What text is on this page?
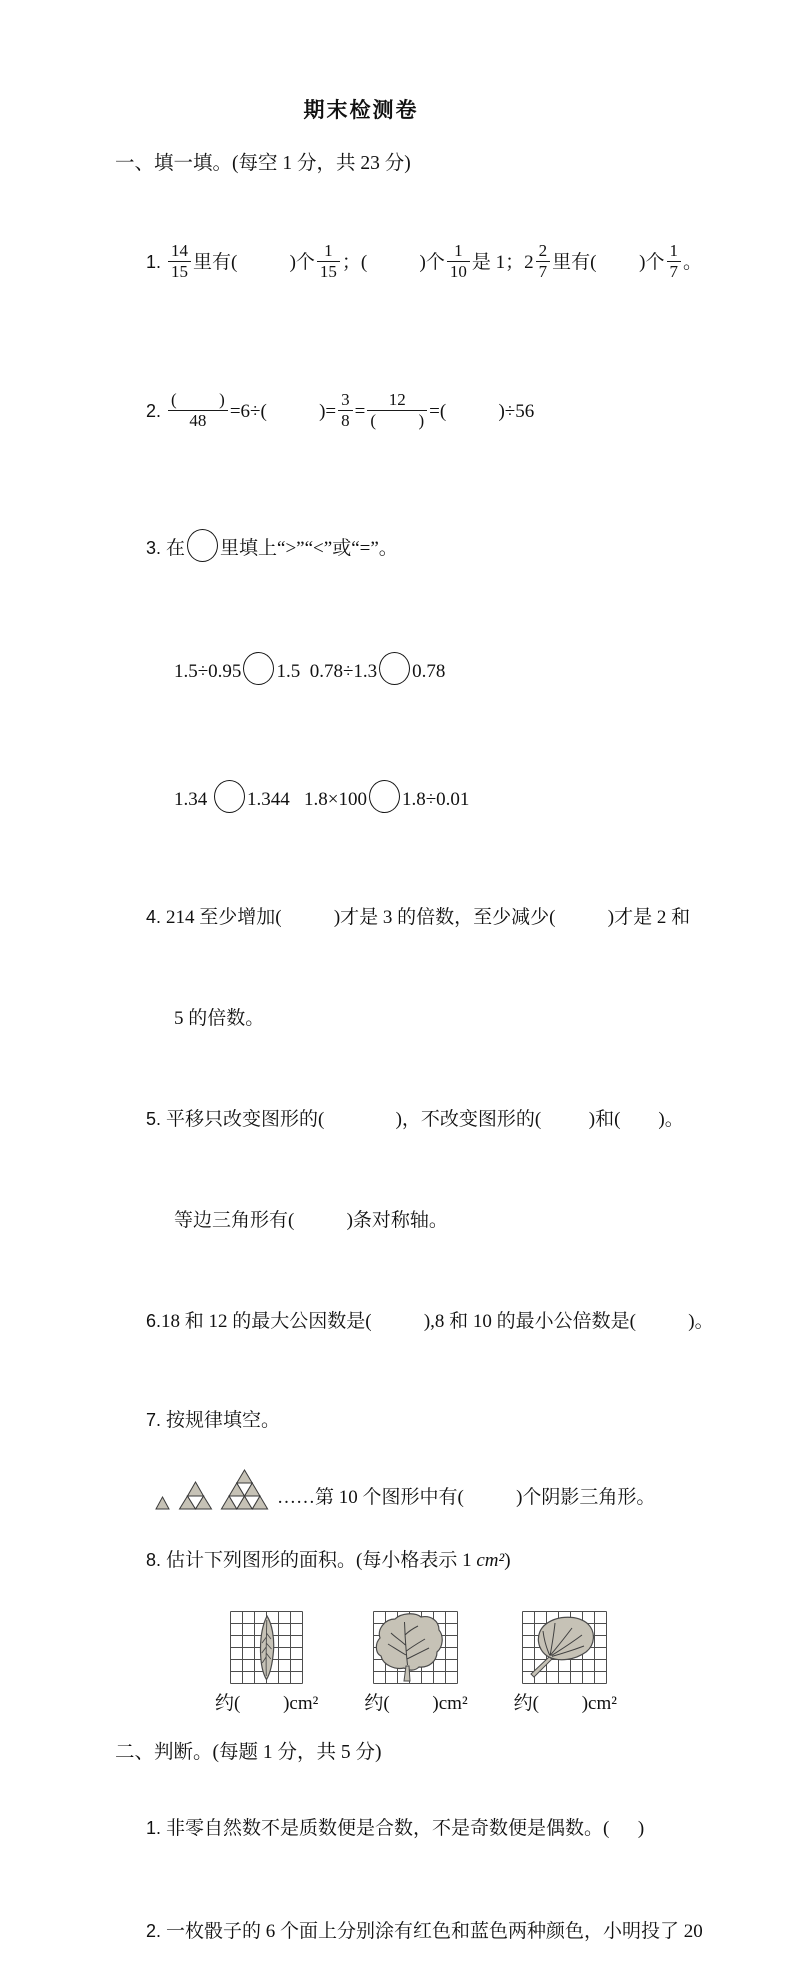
期末检测卷
一、填一填。(每空 1 分，共 23 分)

1. $\frac{14}{15}$ 里有(           )个 $\frac{1}{15}$ ；(           )个 $\frac{1}{10}$ 是 1；$2 \frac{2}{7}$ 里有(         )个 $\frac{1}{7}$ 。

2. $\frac{( )}{48} =6\div$(           )= $\frac{3}{8} = \frac{12}{( )}$ =(           )÷56

3. 在 里填上“>”“<”或“=”。

1.5÷0.95 1.5  0.78÷1.3 0.78

1.34 1.344   1.8×100 1.8÷0.01

4. 214 至少增加(           )才是 3 的倍数，至少减少(           )才是 2 和

5 的倍数。

5. 平移只改变图形的(               )，不改变图形的(          )和(        )。

等边三角形有(           )条对称轴。

6.18 和 12 的最大公因数是(           ),8 和 10 的最小公倍数是(           )。

7. 按规律填空。

……第 10 个图形中有(           )个阴影三角形。

8. 估计下列图形的面积。(每小格表示 1 cm²)

约(         )cm² 约(         )cm² 约(         )cm²
二、判断。(每题 1 分，共 5 分)

1. 非零自然数不是质数便是合数，不是奇数便是偶数。(      )

2. 一枚骰子的 6 个面上分别涂有红色和蓝色两种颜色，小明投了 20
